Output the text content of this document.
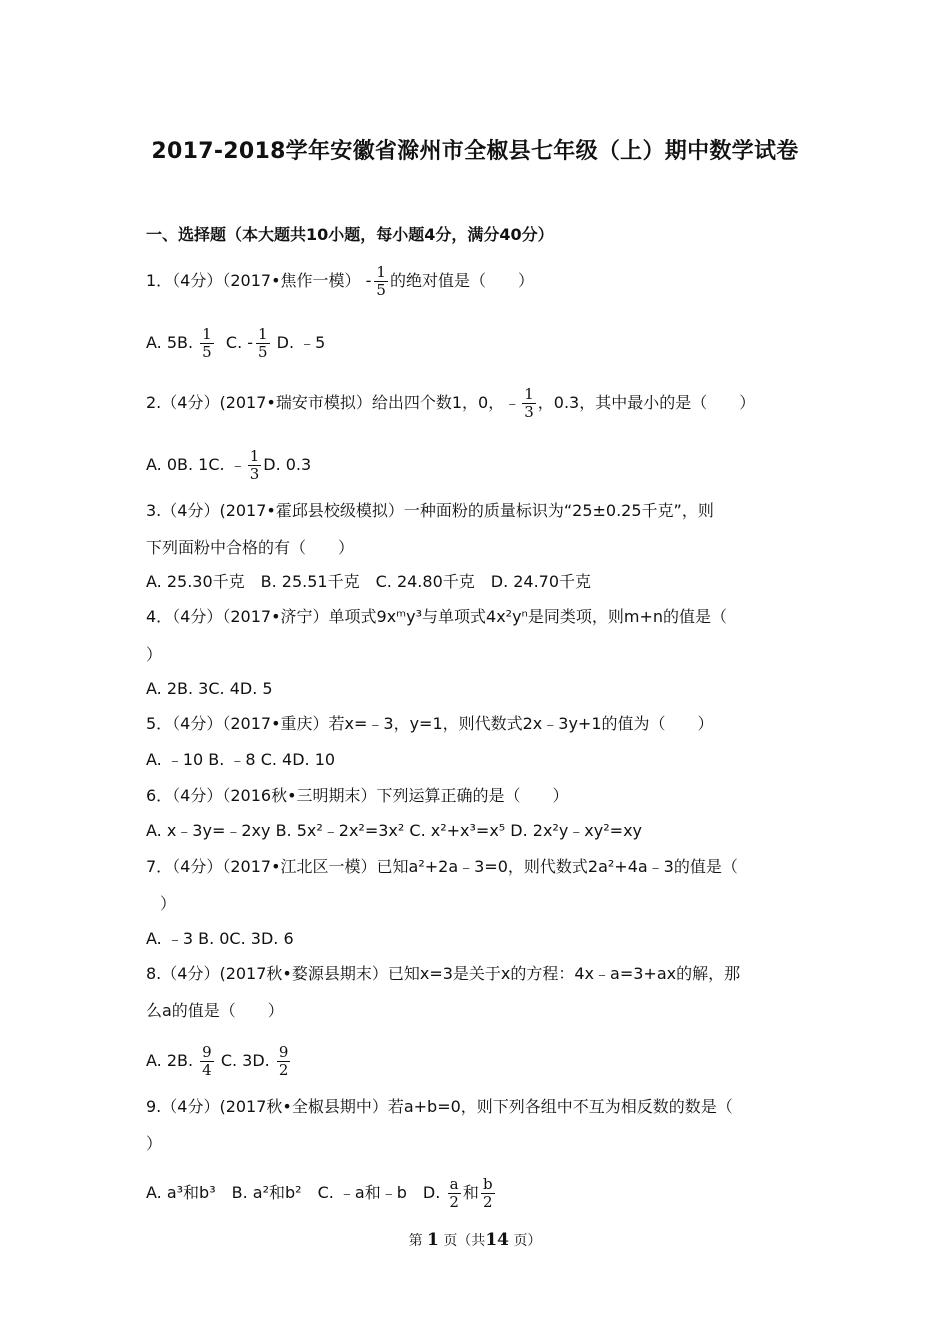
2017-2018学年安徽省滁州市全椒县七年级（上）期中数学试卷
一、选择题（本大题共10小题，每小题4分，满分40分）
1．（4分）（2017•焦作一模） - $\frac{1}{5}$ 的绝对值是（　　）
A. 5B. $\frac{1}{5} C$. - $\frac{1}{5} D$. ﹣5
2.（4分）(2017•瑞安市模拟）给出四个数1，0，﹣ $\frac{1}{3}$ ，0.3，其中最小的是（　　）
A. 0B. 1C. ﹣ $\frac{1}{3} D$. 0.3
3.（4分）(2017•霍邱县校级模拟）一种面粉的质量标识为“25±0.25千克”，则
下列面粉中合格的有（　　）
A. 25.30千克　B. 25.51千克　C. 24.80千克　D. 24.70千克
4．（4分）（2017•济宁）单项式9xᵐy³与单项式4x²yⁿ是同类项，则m+n的值是（
）
A. 2B. 3C. 4D. 5
5．（4分）（2017•重庆）若x=﹣3，y=1，则代数式2x﹣3y+1的值为（　　）
A. ﹣10 B. ﹣8 C. 4D. 10
6．（4分）（2016秋•三明期末）下列运算正确的是（　　）
A. x﹣3y=﹣2xy B. 5x²﹣2x²=3x² C. x²+x³=x⁵ D. 2x²y﹣xy²=xy
7．（4分）（2017•江北区一模）已知a²+2a﹣3=0，则代数式2a²+4a﹣3的值是（
）
A. ﹣3 B. 0C. 3D. 6
8.（4分）(2017秋•婺源县期末）已知x=3是关于x的方程：4x﹣a=3+ax的解，那
么a的值是（　　）
A. 2B. $\frac{9}{4} C$. 3D. $\frac{9}{2}$
9.（4分）(2017秋•全椒县期中）若a+b=0，则下列各组中不互为相反数的数是（
）
A. a³和b³　B. a²和b²　C. ﹣a和﹣b　D. $\frac{a}{2}$ 和 $\frac{b}{2}$
第 1 页（共14 页）
